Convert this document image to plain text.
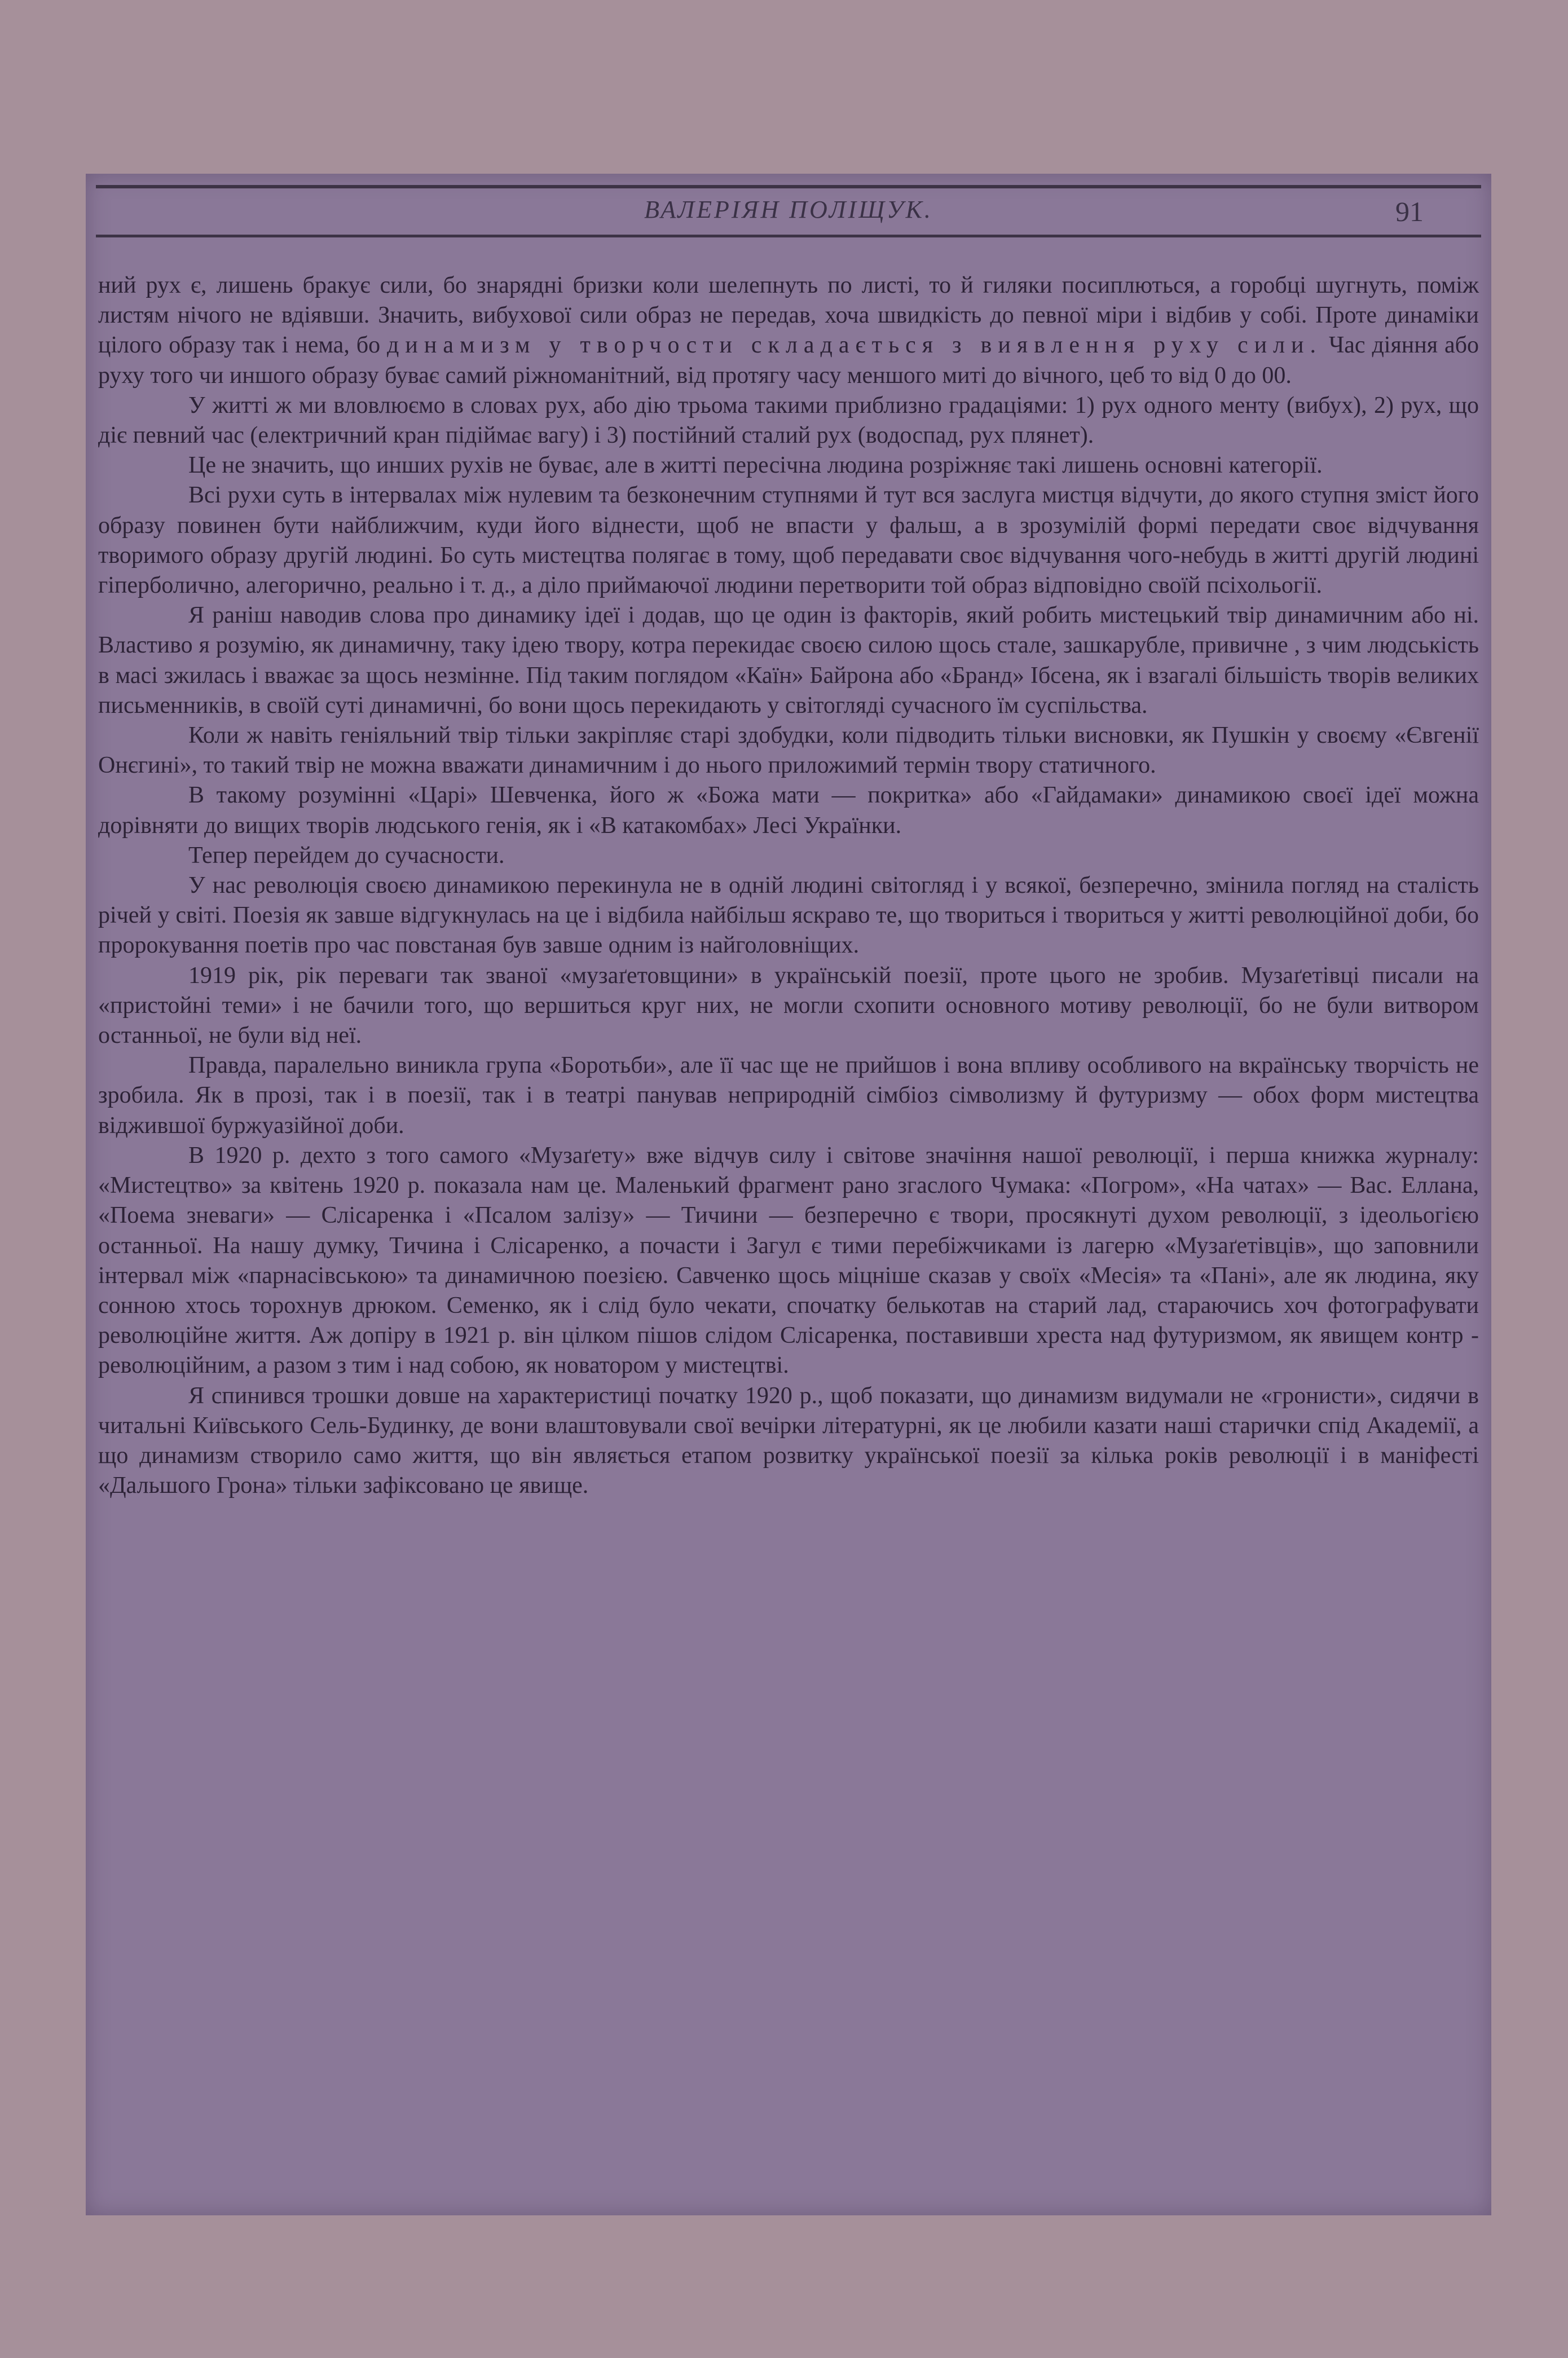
ВАЛЕРІЯН ПОЛІЩУК.	91

ний рух є, лишень бракує сили, бо знарядні бризки коли шелепнуть по листі, то й гиляки посиплються, а горобці шугнуть, поміж листям нічого не вдіявши. Значить, вибухової сили образ не передав, хоча швидкість до певної міри і відбив у собі. Проте динаміки цілого образу так і нема, бо динамизм у творчости складається з виявлення руху сили. Час діяння або руху того чи иншого образу буває самий ріжноманітний, від протягу часу меншого миті до вічного, цеб то від 0 до 00.

У житті ж ми вловлюємо в словах рух, або дію трьома такими приблизно градаціями: 1) рух одного менту (вибух), 2) рух, що діє певний час (електричний кран підіймає вагу) і 3) постійний сталий рух (водоспад, рух плянет).

Це не значить, що инших рухів не буває, але в житті пересічна людина розріжняє такі лишень основні категорії.

Всі рухи суть в інтервалах між нулевим та безконечним ступнями й тут вся заслуга мистця відчути, до якого ступня зміст його образу повинен бути найближчим, куди його віднести, щоб не впасти у фальш, а в зрозумілій формі передати своє відчування творимого образу другій людині. Бо суть мистецтва полягає в тому, щоб передавати своє відчування чого-небудь в житті другій людині гіперболично, алегорично, реально і т. д., а діло приймаючої людини перетворити той образ відповідно своїй псіхольогії.

Я раніш наводив слова про динамику ідеї і додав, що це один із факторів, який робить мистецький твір динамичним або ні. Властиво я розумію, як динамичну, таку ідею твору, котра перекидає своєю силою щось стале, зашкарубле, привичне , з чим людськість в масі зжилась і вважає за щось незмінне. Під таким поглядом «Каїн» Байрона або «Бранд» Ібсена, як і взагалі більшість творів великих письменників, в своїй суті динамичні, бо вони щось перекидають у світогляді сучасного їм суспільства.

Коли ж навіть геніяльний твір тільки закріпляє старі здобудки, коли підводить тільки висновки, як Пушкін у своєму «Євгенії Онєгині», то такий твір не можна вважати динамичним і до нього приложимий термін твору статичного.

В такому розумінні «Царі» Шевченка, його ж «Божа мати — покритка» або «Гайдамаки» динамикою своєї ідеї можна дорівняти до вищих творів людського генія, як і «В катакомбах» Лесі Українки.

Тепер перейдем до сучасности.

У нас революція своєю динамикою перекинула не в одній людині світогляд і у всякої, безперечно, змінила погляд на сталість річей у світі. Поезія як завше відгукнулась на це і відбила найбільш яскраво те, що твориться і твориться у житті революційної доби, бо пророкування поетів про час повстаная був завше одним із найголовніщих.

1919 рік, рік переваги так званої «музаґетовщини» в українській поезії, проте цього не зробив. Музаґетівці писали на «пристойні теми» і не бачили того, що вершиться круг них, не могли схопити основного мотиву революції, бо не були витвором останньої, не були від неї.

Правда, паралельно виникла група «Боротьби», але її час ще не прийшов і вона впливу особливого на вкраїнську творчість не зробила. Як в прозі, так і в поезії, так і в театрі панував неприродній сімбіоз сімволизму й футуризму — обох форм мистецтва віджившої буржуазійної доби.

В 1920 р. дехто з того самого «Музаґету» вже відчув силу і світове значіння нашої революції, і перша книжка журналу: «Мистецтво» за квітень 1920 р. показала нам це. Маленький фрагмент рано згаслого Чумака: «Погром», «На чатах» — Вас. Еллана, «Поема зневаги» — Слісаренка і «Псалом залізу» — Тичини — безперечно є твори, просякнуті духом революції, з ідеольогією останньої. На нашу думку, Тичина і Слісаренко, а почасти і Загул є тими перебіжчиками із лагерю «Музаґетівців», що заповнили інтервал між «парнасівською» та динамичною поезією. Савченко щось міцніше сказав у своїх «Месія» та «Пані», але як людина, яку сонною хтось торохнув дрюком. Семенко, як і слід було чекати, спочатку белькотав на старий лад, стараючись хоч фотографувати революційне життя. Аж допіру в 1921 р. він цілком пішов слідом Слісаренка, поставивши хреста над футуризмом, як явищем контр - революційним, а разом з тим і над собою, як новатором у мистецтві.

Я спинився трошки довше на характеристиці початку 1920 р., щоб показати, що динамизм видумали не «гронисти», сидячи в читальні Київського Сель-Будинку, де вони влаштовували свої вечірки літературні, як це любили казати наші старички спід Академії, а що динамизм створило само життя, що він являється етапом розвитку української поезії за кілька років революції і в маніфесті «Дальшого Грона» тільки зафіксовано це явище.
